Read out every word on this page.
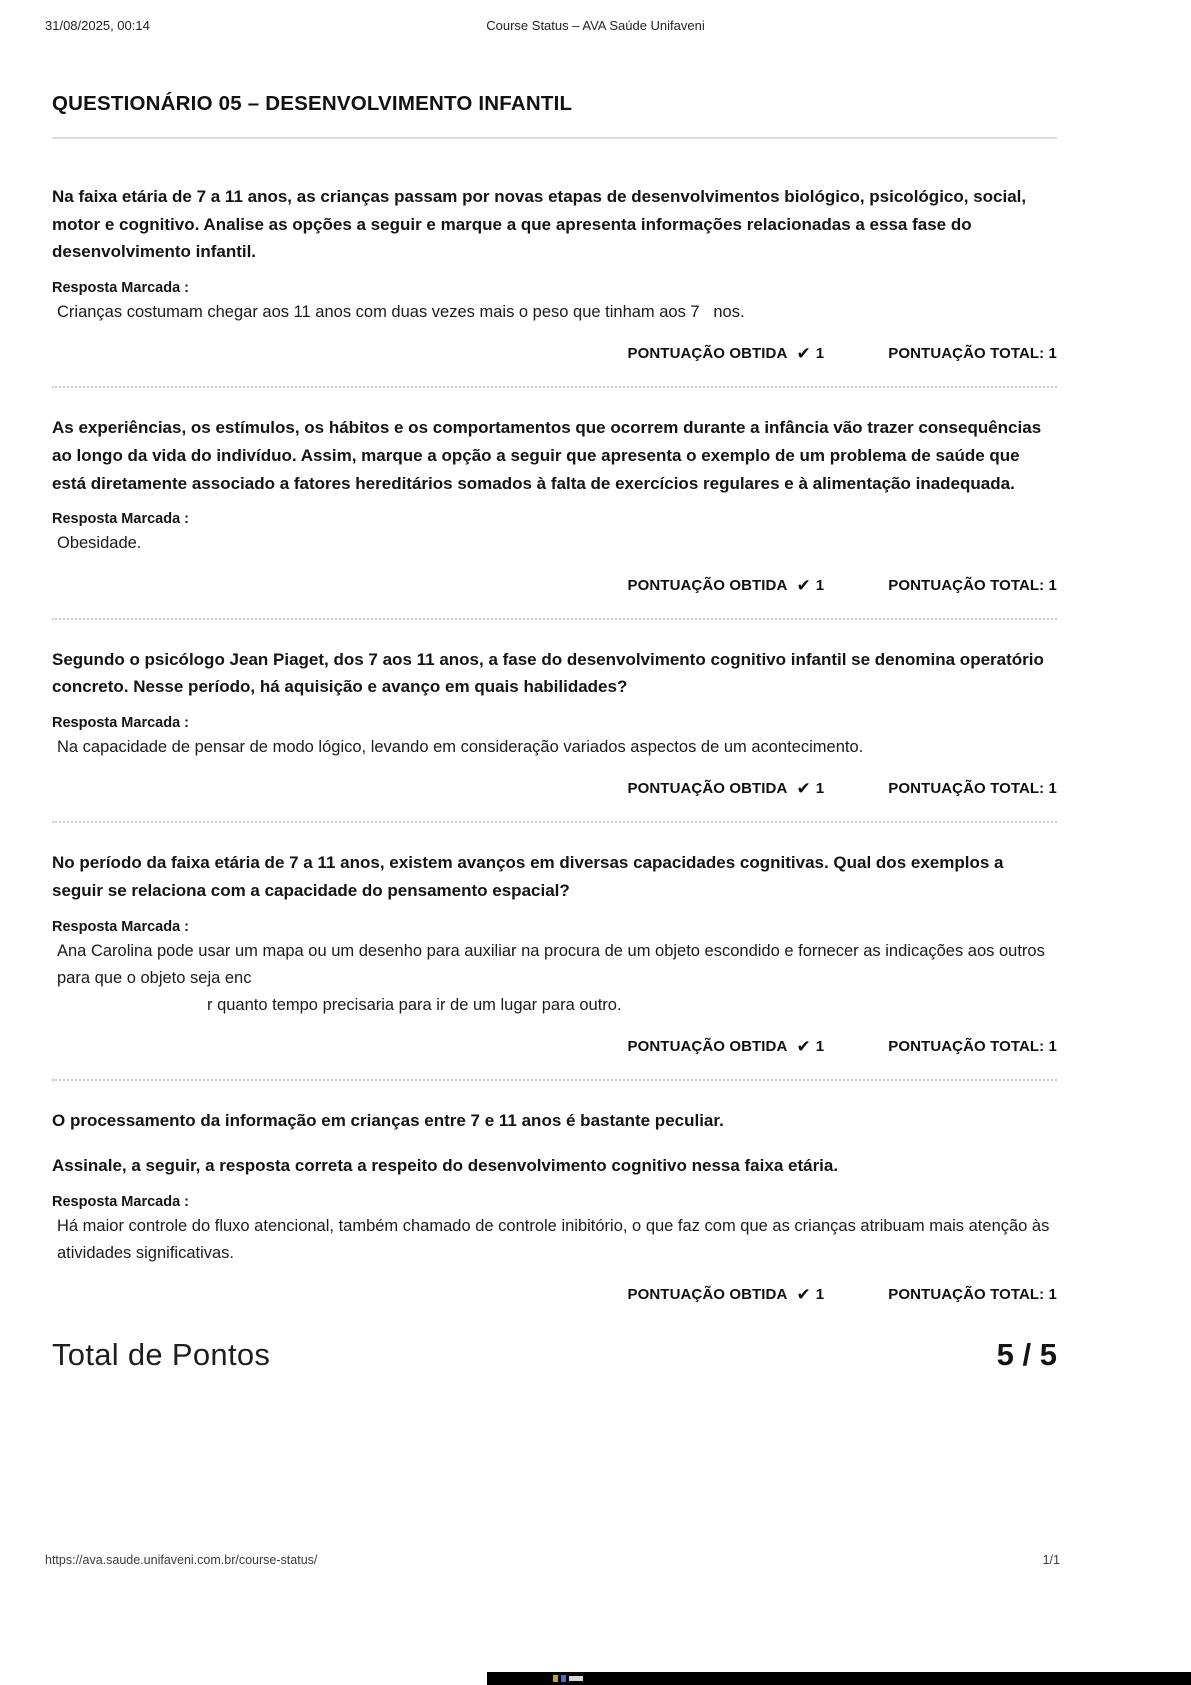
31/08/2025, 00:14	Course Status – AVA Saúde Unifaveni
QUESTIONÁRIO 05 – DESENVOLVIMENTO INFANTIL

Na faixa etária de 7 a 11 anos, as crianças passam por novas etapas de desenvolvimentos biológico, psicológico, social, motor e cognitivo. Analise as opções a seguir e marque a que apresenta informações relacionadas a essa fase do desenvolvimento infantil.

Resposta Marcada :

Crianças costumam chegar aos 11 anos com duas vezes mais o peso que tinham aos 7   nos.

PONTUAÇÃO OBTIDA ✔ 1	PONTUAÇÃO TOTAL: 1

As experiências, os estímulos, os hábitos e os comportamentos que ocorrem durante a infância vão trazer consequências ao longo da vida do indivíduo. Assim, marque a opção a seguir que apresenta o exemplo de um problema de saúde que está diretamente associado a fatores hereditários somados à falta de exercícios regulares e à alimentação inadequada.

Resposta Marcada :

Obesidade.

PONTUAÇÃO OBTIDA ✔ 1	PONTUAÇÃO TOTAL: 1

Segundo o psicólogo Jean Piaget, dos 7 aos 11 anos, a fase do desenvolvimento cognitivo infantil se denomina operatório concreto. Nesse período, há aquisição e avanço em quais habilidades?

Resposta Marcada :

Na capacidade de pensar de modo lógico, levando em consideração variados aspectos de um acontecimento.

PONTUAÇÃO OBTIDA ✔ 1	PONTUAÇÃO TOTAL: 1

No período da faixa etária de 7 a 11 anos, existem avanços em diversas capacidades cognitivas. Qual dos exemplos a seguir se relaciona com a capacidade do pensamento espacial?

Resposta Marcada :

Ana Carolina pode usar um mapa ou um desenho para auxiliar na procura de um objeto escondido e fornecer as indicações aos outros para que o objeto seja enc

r quanto tempo precisaria para ir de um lugar para outro.

PONTUAÇÃO OBTIDA ✔ 1	PONTUAÇÃO TOTAL: 1

O processamento da informação em crianças entre 7 e 11 anos é bastante peculiar.

Assinale, a seguir, a resposta correta a respeito do desenvolvimento cognitivo nessa faixa etária.

Resposta Marcada :

Há maior controle do fluxo atencional, também chamado de controle inibitório, o que faz com que as crianças atribuam mais atenção às atividades significativas.

PONTUAÇÃO OBTIDA ✔ 1	PONTUAÇÃO TOTAL: 1
Total de Pontos	5 / 5
https://ava.saude.unifaveni.com.br/course-status/	1/1
